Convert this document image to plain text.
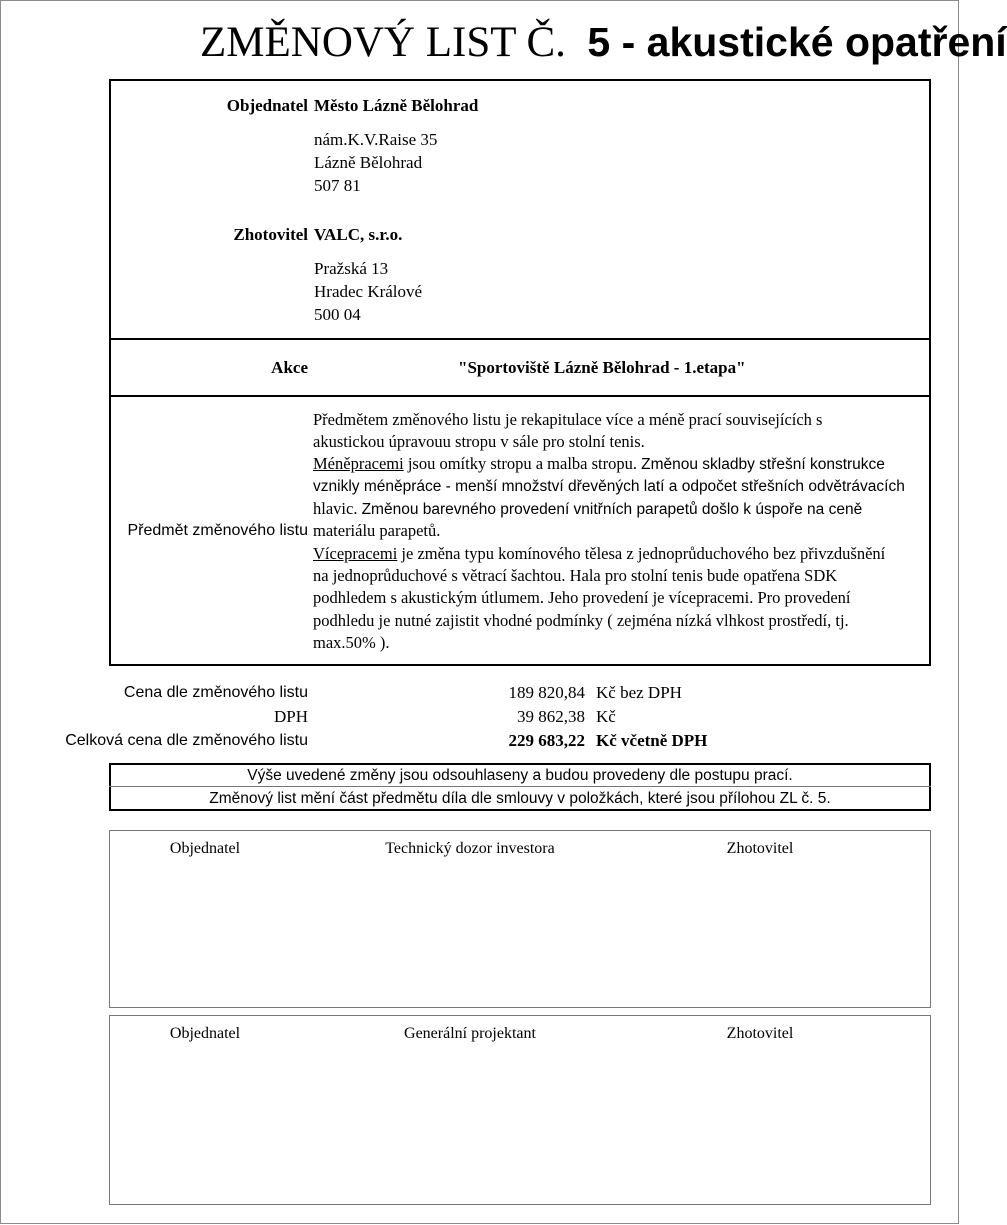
ZMĚNOVÝ LIST Č. 5 - akustické opatření
Objednatel Město Lázně Bělohrad
nám.K.V.Raise 35
Lázně Bělohrad
507 81
Zhotovitel VALC, s.r.o.
Pražská 13
Hradec Králové
500 04
Akce	"Sportoviště Lázně Bělohrad - 1.etapa"
Předmět změnového listu
Předmětem změnového listu je rekapitulace více a méně prací souvisejících s
akustickou úpravouu stropu v sále pro stolní tenis.
Méněpracemi jsou omítky stropu a malba stropu. Změnou skladby střešní konstrukce
vznikly méněpráce - menší množství dřevěných latí a odpočet střešních odvětrávacích
hlavic. Změnou barevného provedení vnitřních parapetů došlo k úspoře na ceně
materiálu parapetů.
Vícepracemi je změna typu komínového tělesa z jednoprůduchového bez přivzdušnění
na jednoprůduchové s větrací šachtou. Hala pro stolní tenis bude opatřena SDK
podhledem s akustickým útlumem. Jeho provedení je vícepracemi. Pro provedení
podhledu je nutné zajistit vhodné podmínky ( zejména nízká vlhkost prostředí, tj.
max.50% ).
Cena dle změnového listu	189 820,84 Kč bez DPH
DPH	39 862,38 Kč
Celková cena dle změnového listu	229 683,22 Kč včetně DPH
Výše uvedené změny jsou odsouhlaseny a budou provedeny dle postupu prací.
Změnový list mění část předmětu díla dle smlouvy v položkách, které jsou přílohou ZL č. 5.
Objednatel	Technický dozor investora	Zhotovitel
Objednatel	Generální projektant	Zhotovitel
